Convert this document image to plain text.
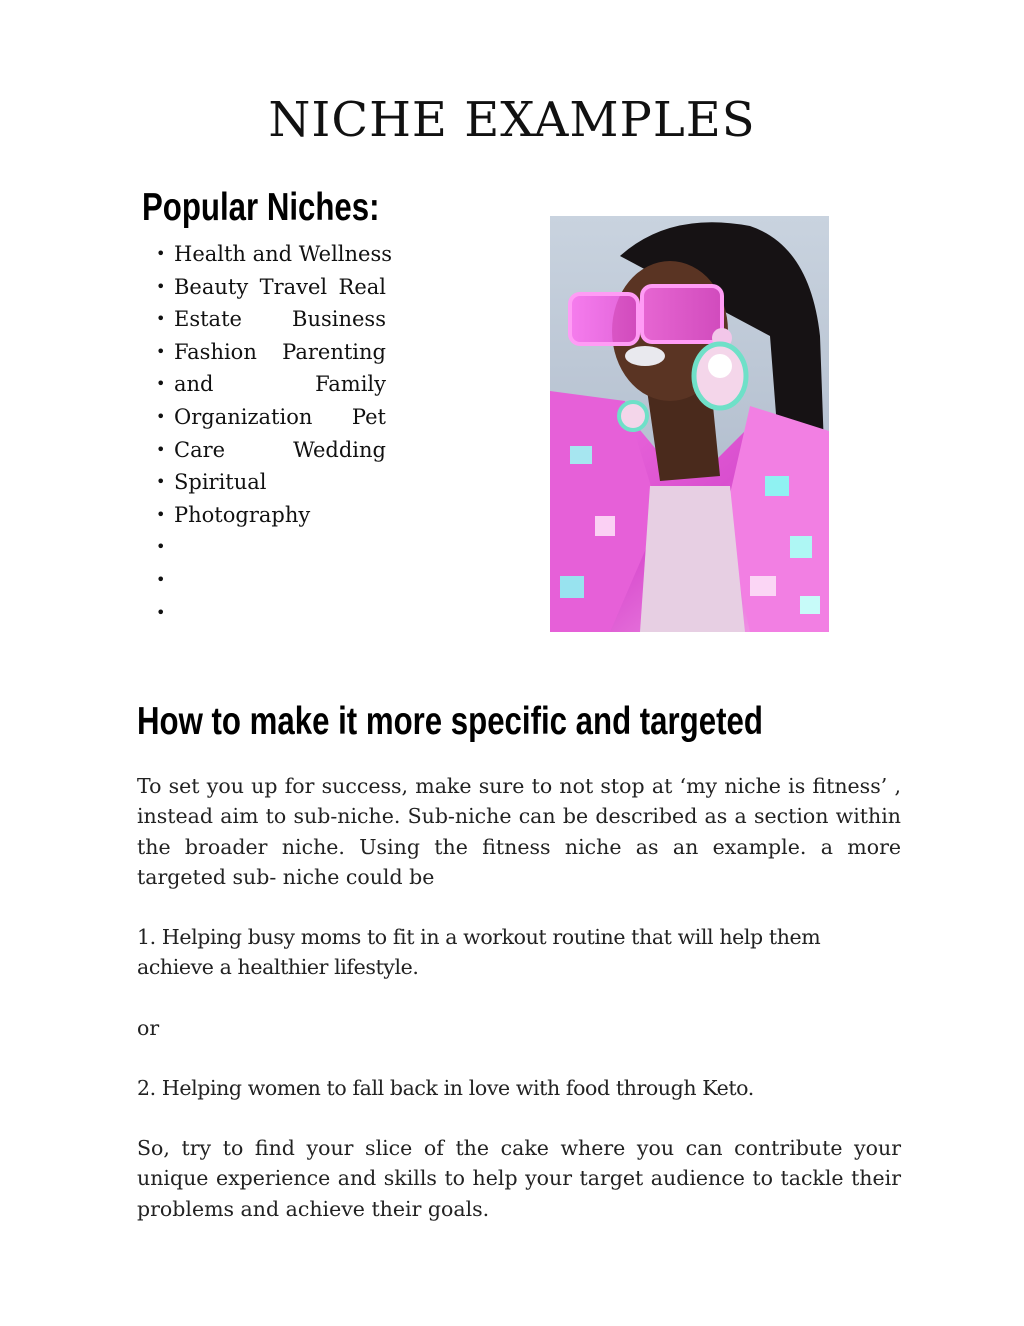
NICHE EXAMPLES
Popular Niches:
• Health and Wellness
• Beauty Travel Real
• Estate Business
• Fashion Parenting
• and Family
• Organization Pet
• Care Wedding
• Spiritual
• Photography
•
•
•
How to make it more specific and targeted

To set you up for success, make sure to not stop at ‘my niche is fitness’ , instead aim to sub-niche. Sub-niche can be described as a section within the broader niche. Using the fitness niche as an example. a more targeted sub- niche could be

1. Helping busy moms to fit in a workout routine that will help them achieve a healthier lifestyle.

or

2. Helping women to fall back in love with food through Keto.

So, try to find your slice of the cake where you can contribute your unique experience and skills to help your target audience to tackle their problems and achieve their goals.
